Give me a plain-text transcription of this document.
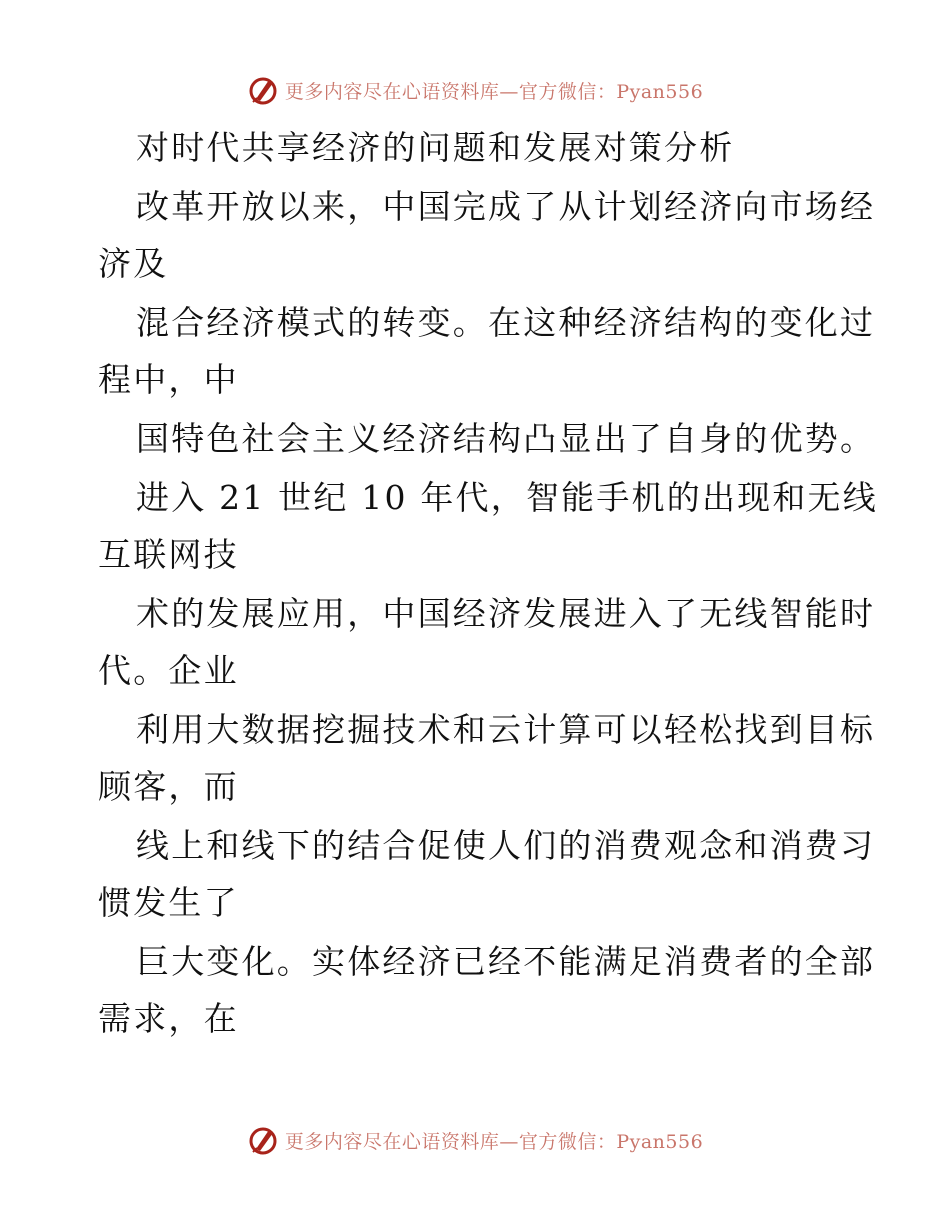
更多内容尽在心语资料库—官方微信：Pyan556
对时代共享经济的问题和发展对策分析
改革开放以来，中国完成了从计划经济向市场经
济及
混合经济模式的转变。在这种经济结构的变化过
程中，中
国特色社会主义经济结构凸显出了自身的优势。
进入 21 世纪 10 年代，智能手机的出现和无线
互联网技
术的发展应用，中国经济发展进入了无线智能时
代。企业
利用大数据挖掘技术和云计算可以轻松找到目标
顾客，而
线上和线下的结合促使人们的消费观念和消费习
惯发生了
巨大变化。实体经济已经不能满足消费者的全部
需求，在
更多内容尽在心语资料库—官方微信：Pyan556
